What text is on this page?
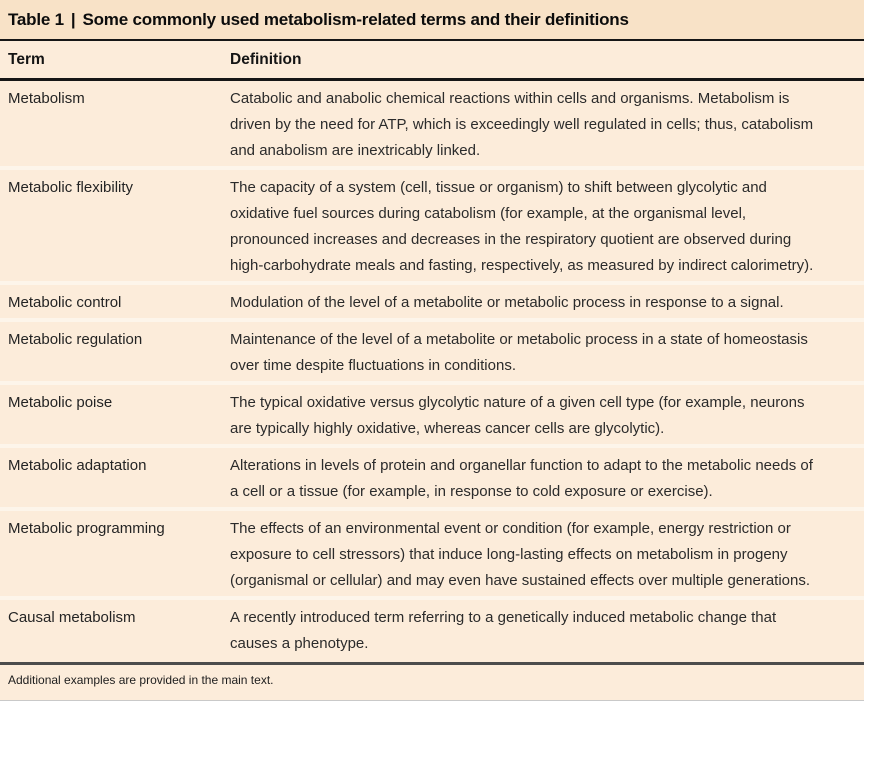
Table 1 | Some commonly used metabolism-related terms and their definitions
Term	Definition
Metabolism	Catabolic and anabolic chemical reactions within cells and organisms. Metabolism is driven by the need for ATP, which is exceedingly well regulated in cells; thus, catabolism and anabolism are inextricably linked.
Metabolic flexibility	The capacity of a system (cell, tissue or organism) to shift between glycolytic and oxidative fuel sources during catabolism (for example, at the organismal level, pronounced increases and decreases in the respiratory quotient are observed during high-carbohydrate meals and fasting, respectively, as measured by indirect calorimetry).
Metabolic control	Modulation of the level of a metabolite or metabolic process in response to a signal.
Metabolic regulation	Maintenance of the level of a metabolite or metabolic process in a state of homeostasis over time despite fluctuations in conditions.
Metabolic poise	The typical oxidative versus glycolytic nature of a given cell type (for example, neurons are typically highly oxidative, whereas cancer cells are glycolytic).
Metabolic adaptation	Alterations in levels of protein and organellar function to adapt to the metabolic needs of a cell or a tissue (for example, in response to cold exposure or exercise).
Metabolic programming	The effects of an environmental event or condition (for example, energy restriction or exposure to cell stressors) that induce long-lasting effects on metabolism in progeny (organismal or cellular) and may even have sustained effects over multiple generations.
Causal metabolism	A recently introduced term referring to a genetically induced metabolic change that causes a phenotype.
Additional examples are provided in the main text.
